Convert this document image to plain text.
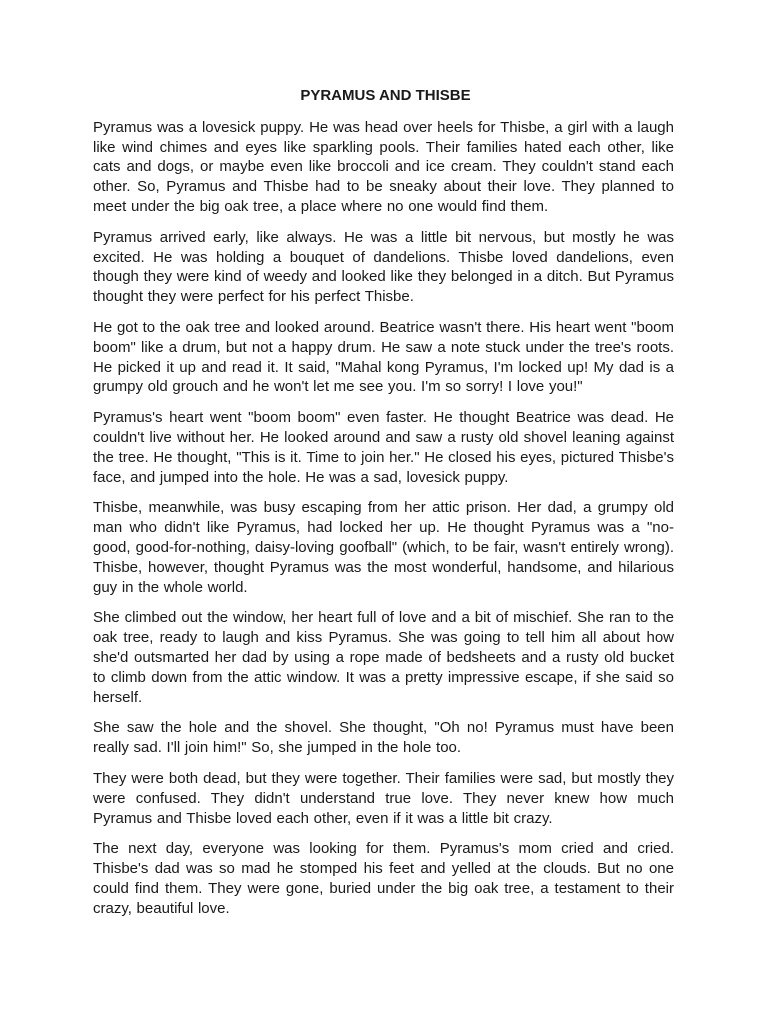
PYRAMUS AND THISBE

Pyramus was a lovesick puppy. He was head over heels for Thisbe, a girl with a laugh like wind chimes and eyes like sparkling pools. Their families hated each other, like cats and dogs, or maybe even like broccoli and ice cream. They couldn't stand each other. So, Pyramus and Thisbe had to be sneaky about their love. They planned to meet under the big oak tree, a place where no one would find them.

Pyramus arrived early, like always. He was a little bit nervous, but mostly he was excited. He was holding a bouquet of dandelions. Thisbe loved dandelions, even though they were kind of weedy and looked like they belonged in a ditch. But Pyramus thought they were perfect for his perfect Thisbe.

He got to the oak tree and looked around. Beatrice wasn't there. His heart went "boom boom" like a drum, but not a happy drum. He saw a note stuck under the tree's roots. He picked it up and read it. It said, "Mahal kong Pyramus, I'm locked up! My dad is a grumpy old grouch and he won't let me see you. I'm so sorry! I love you!"

Pyramus's heart went "boom boom" even faster. He thought Beatrice was dead. He couldn't live without her. He looked around and saw a rusty old shovel leaning against the tree. He thought, "This is it. Time to join her." He closed his eyes, pictured Thisbe's face, and jumped into the hole. He was a sad, lovesick puppy.

Thisbe, meanwhile, was busy escaping from her attic prison. Her dad, a grumpy old man who didn't like Pyramus, had locked her up. He thought Pyramus was a "no-good, good-for-nothing, daisy-loving goofball" (which, to be fair, wasn't entirely wrong). Thisbe, however, thought Pyramus was the most wonderful, handsome, and hilarious guy in the whole world.

She climbed out the window, her heart full of love and a bit of mischief. She ran to the oak tree, ready to laugh and kiss Pyramus. She was going to tell him all about how she'd outsmarted her dad by using a rope made of bedsheets and a rusty old bucket to climb down from the attic window. It was a pretty impressive escape, if she said so herself.

She saw the hole and the shovel. She thought, "Oh no! Pyramus must have been really sad. I'll join him!" So, she jumped in the hole too.

They were both dead, but they were together. Their families were sad, but mostly they were confused. They didn't understand true love. They never knew how much Pyramus and Thisbe loved each other, even if it was a little bit crazy.

The next day, everyone was looking for them. Pyramus's mom cried and cried. Thisbe's dad was so mad he stomped his feet and yelled at the clouds. But no one could find them. They were gone, buried under the big oak tree, a testament to their crazy, beautiful love.
